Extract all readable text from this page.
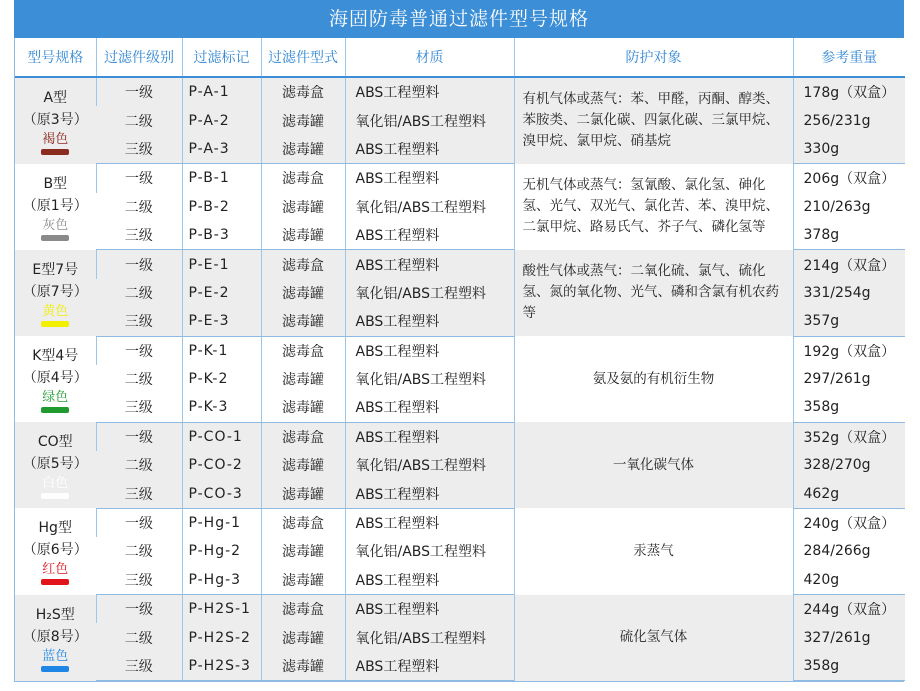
海固防毒普通过滤件型号规格
型号规格	过滤件级别	过滤标记	过滤件型式	材质	防护对象	参考重量

A型
（原3号）
褐色	一级	P-A-1	滤毒盒	ABS工程塑料	有机气体或蒸气：苯、甲醛，丙酮、醇类、苯胺类、二氯化碳、四氯化碳、三氯甲烷、溴甲烷、氯甲烷、硝基烷	178g（双盒）
	二级	P-A-2	滤毒罐	氧化铝/ABS工程塑料		256/231g
	三级	P-A-3	滤毒罐	ABS工程塑料		330g

B型
（原1号）
灰色	一级	P-B-1	滤毒盒	ABS工程塑料	无机气体或蒸气：氢氰酸、氯化氢、砷化氢、光气、双光气、氯化苦、苯、溴甲烷、二氯甲烷、路易氏气、芥子气、磷化氢等	206g（双盒）
	二级	P-B-2	滤毒罐	氧化铝/ABS工程塑料		210/263g
	三级	P-B-3	滤毒罐	ABS工程塑料		378g

E型7号
（原7号）
黄色	一级	P-E-1	滤毒盒	ABS工程塑料	酸性气体或蒸气：二氧化硫、氯气、硫化氢、氮的氧化物、光气、磷和含氯有机农药等	214g（双盒）
	二级	P-E-2	滤毒罐	氧化铝/ABS工程塑料		331/254g
	三级	P-E-3	滤毒罐	ABS工程塑料		357g

K型4号
（原4号）
绿色	一级	P-K-1	滤毒盒	ABS工程塑料	氨及氨的有机衍生物	192g（双盒）
	二级	P-K-2	滤毒罐	氧化铝/ABS工程塑料		297/261g
	三级	P-K-3	滤毒罐	ABS工程塑料		358g

CO型
（原5号）
白色	一级	P-CO-1	滤毒盒	ABS工程塑料	一氧化碳气体	352g（双盒）
	二级	P-CO-2	滤毒罐	氧化铝/ABS工程塑料		328/270g
	三级	P-CO-3	滤毒罐	ABS工程塑料		462g

Hg型
（原6号）
红色	一级	P-Hg-1	滤毒盒	ABS工程塑料	汞蒸气	240g（双盒）
	二级	P-Hg-2	滤毒罐	氧化铝/ABS工程塑料		284/266g
	三级	P-Hg-3	滤毒罐	ABS工程塑料		420g

H₂S型
（原8号）
蓝色	一级	P-H2S-1	滤毒盒	ABS工程塑料	硫化氢气体	244g（双盒）
	二级	P-H2S-2	滤毒罐	氧化铝/ABS工程塑料		327/261g
	三级	P-H2S-3	滤毒罐	ABS工程塑料		358g
